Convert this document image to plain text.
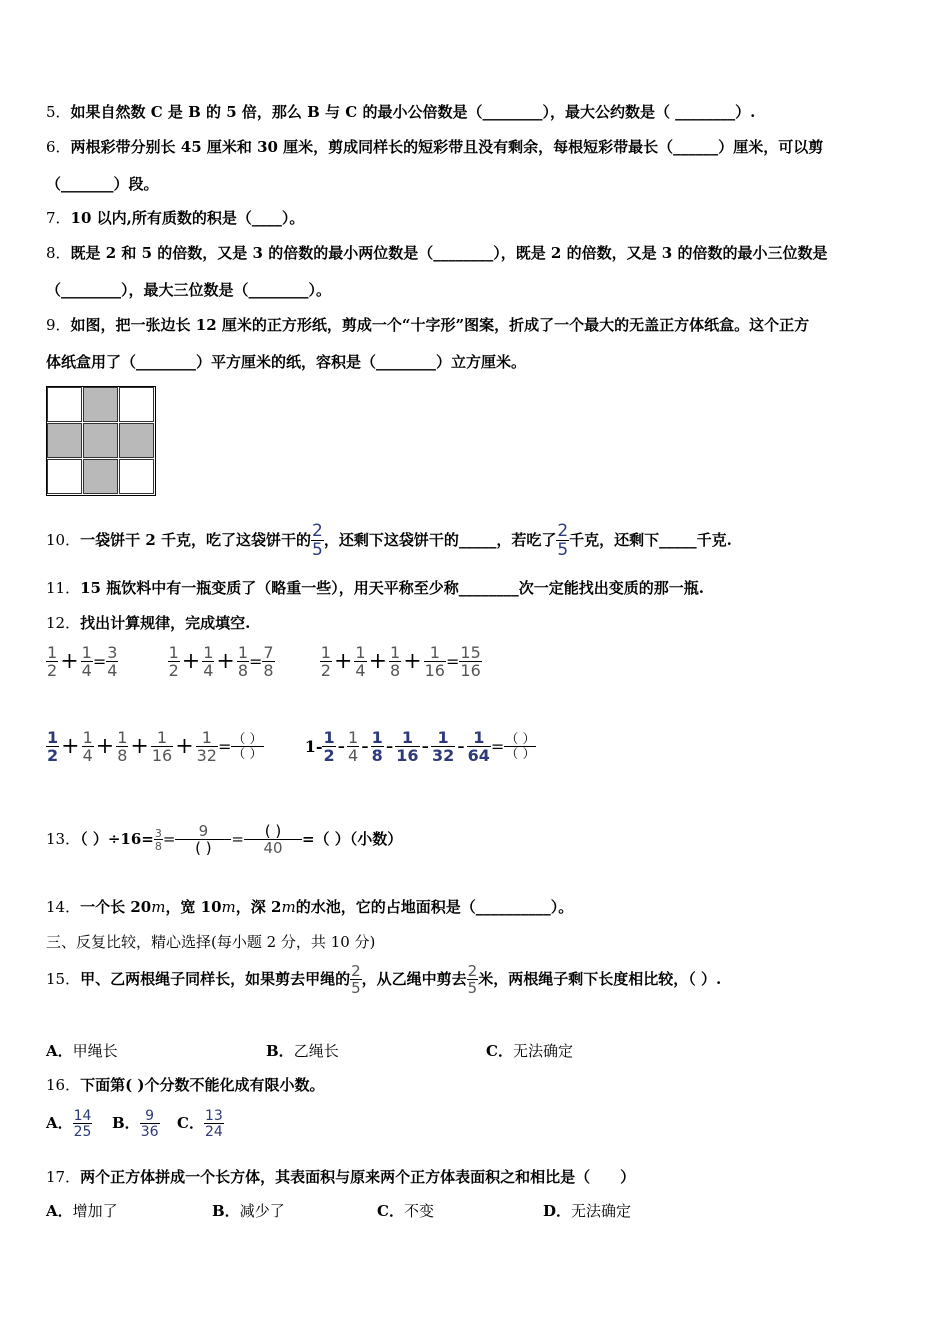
5．如果自然数 C 是 B 的 5 倍，那么 B 与 C 的最小公倍数是（________），最大公约数是（ ________）.
6．两根彩带分别长 45 厘米和 30 厘米，剪成同样长的短彩带且没有剩余，每根短彩带最长（______）厘米，可以剪
（_______）段。
7．10 以内,所有质数的积是（____）。
8．既是 2 和 5 的倍数，又是 3 的倍数的最小两位数是（________），既是 2 的倍数，又是 3 的倍数的最小三位数是
（________），最大三位数是（________）。
9．如图，把一张边长 12 厘米的正方形纸，剪成一个“十字形”图案，折成了一个最大的无盖正方体纸盒。这个正方
体纸盒用了（________）平方厘米的纸，容积是（________）立方厘米。
10．一袋饼干 2 千克，吃了这袋饼干的 $\frac{2}{5}$ ，还剩下这袋饼干的_____，若吃了 $\frac{2}{5}$ 千克，还剩下_____千克.
11．15 瓶饮料中有一瓶变质了（略重一些），用天平称至少称________次一定能找出变质的那一瓶.
12．找出计算规律，完成填空.
$\frac{1}{2} + \frac{1}{4} = \frac{3}{4}$
	$\frac{1}{2} + \frac{1}{4} + \frac{1}{8} = \frac{7}{8}$
	$\frac{1}{2} + \frac{1}{4} + \frac{1}{8} + \frac{1}{16} = \frac{15}{16}$
$\frac{1}{2} + \frac{1}{4} + \frac{1}{8} + \frac{1}{16} + \frac{1}{32} = \frac{( )}{( )}$	$1- \frac{1}{2} - \frac{1}{4} - \frac{1}{8} - \frac{1}{16} - \frac{1}{32} - \frac{1}{64} = \frac{( )}{( )}$
13．（ ）$\div 16= \frac{3}{8} = \frac{9}{( )} = \frac{( )}{40}$ =（ ）（小数）
14．一个长 20m，宽 10m，深 2m的水池，它的占地面积是（__________）。
三、反复比较，精心选择(每小题 2 分，共 10 分)
15．甲、乙两根绳子同样长，如果剪去甲绳的 $\frac{2}{5}$ ，从乙绳中剪去 $\frac{2}{5}$ 米，两根绳子剩下长度相比较，（ ）.
A．甲绳长	B．乙绳长	C．无法确定
16．下面第( )个分数不能化成有限小数。
A． $\frac{14}{25}$ B． $\frac{9}{36}$ C． $\frac{13}{24}$
17．两个正方体拼成一个长方体，其表面积与原来两个正方体表面积之和相比是（　　）
A．增加了	B．减少了	C．不变	D．无法确定
